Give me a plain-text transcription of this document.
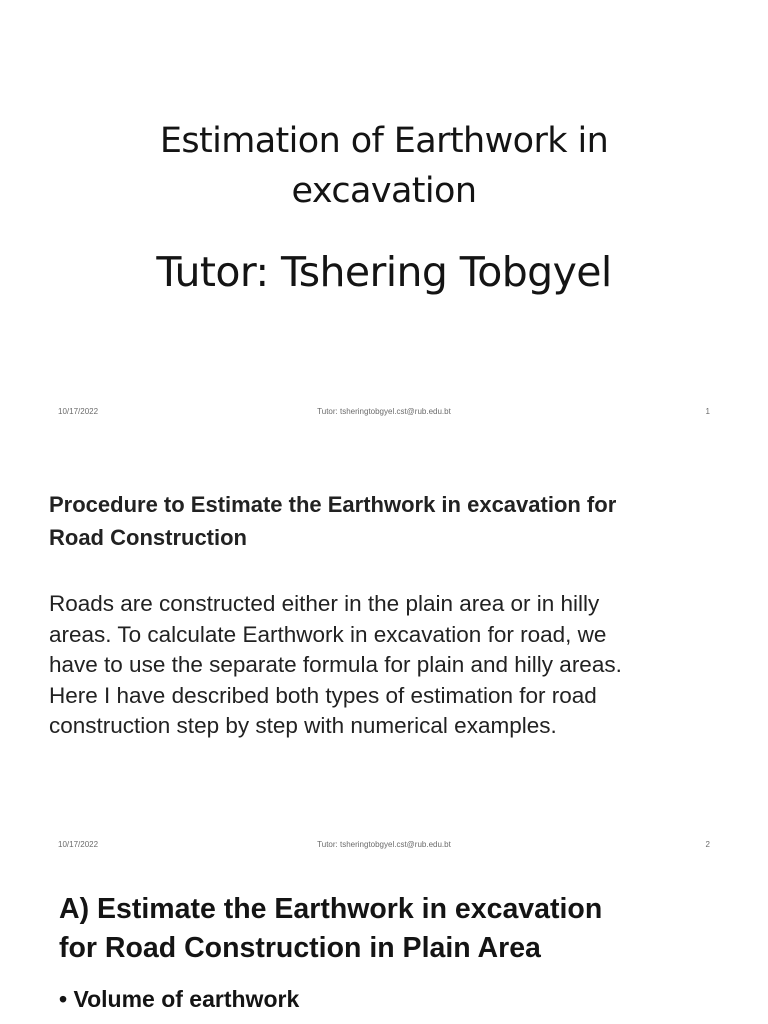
Estimation of Earthwork in
excavation
Tutor: Tshering Tobgyel
10/17/2022	Tutor: tsheringtobgyel.cst@rub.edu.bt	1
Procedure to Estimate the Earthwork in excavation for
Road Construction
Roads are constructed either in the plain area or in hilly
areas. To calculate Earthwork in excavation for road, we
have to use the separate formula for plain and hilly areas.
Here I have described both types of estimation for road
construction step by step with numerical examples.
10/17/2022	Tutor: tsheringtobgyel.cst@rub.edu.bt	2
A) Estimate the Earthwork in excavation
for Road Construction in Plain Area
• Volume of earthwork
